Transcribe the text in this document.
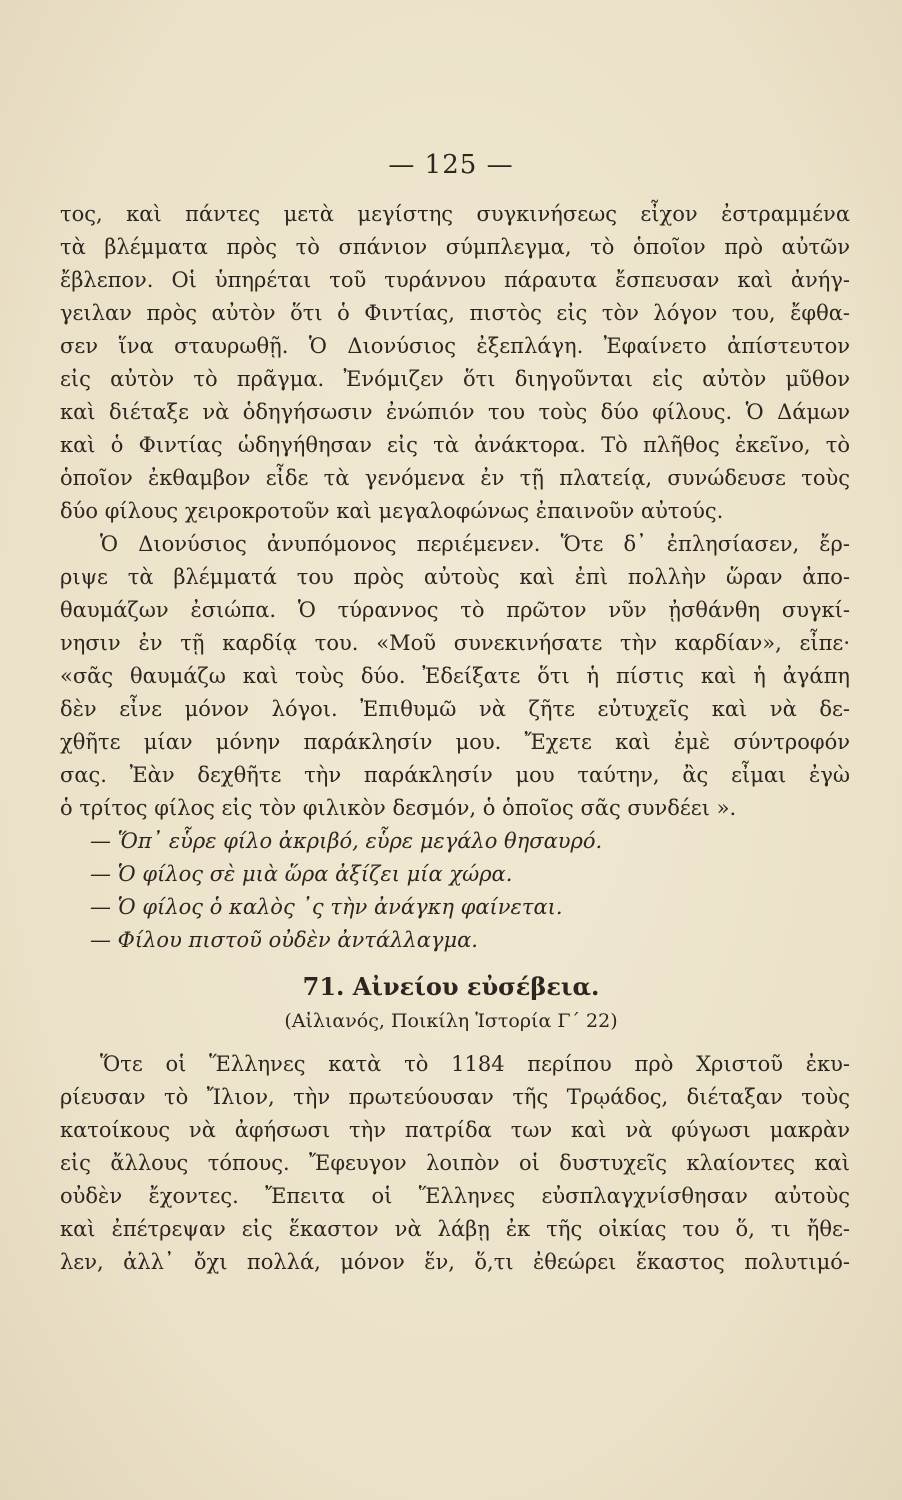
— 125 —
τος, καὶ πάντες μετὰ μεγίστης συγκινήσεως εἶχον ἐστραμμένα
τὰ βλέμματα πρὸς τὸ σπάνιον σύμπλεγμα, τὸ ὁποῖον πρὸ αὐτῶν
ἔβλεπον. Οἱ ὑπηρέται τοῦ τυράννου πάραυτα ἔσπευσαν καὶ ἀνήγ-
γειλαν πρὸς αὐτὸν ὅτι ὁ Φιντίας, πιστὸς εἰς τὸν λόγον του, ἔφθα-
σεν ἵνα σταυρωθῇ. Ὁ Διονύσιος ἐξεπλάγη. Ἐφαίνετο ἀπίστευτον
εἰς αὐτὸν τὸ πρᾶγμα. Ἐνόμιζεν ὅτι διηγοῦνται εἰς αὐτὸν μῦθον
καὶ διέταξε νὰ ὁδηγήσωσιν ἐνώπιόν του τοὺς δύο φίλους. Ὁ Δάμων
καὶ ὁ Φιντίας ὡδηγήθησαν εἰς τὰ ἀνάκτορα. Τὸ πλῆθος ἐκεῖνο, τὸ
ὁποῖον ἐκθαμβον εἶδε τὰ γενόμενα ἐν τῇ πλατείᾳ, συνώδευσε τοὺς
δύο φίλους χειροκροτοῦν καὶ μεγαλοφώνως ἐπαινοῦν αὐτούς.
Ὁ Διονύσιος ἀνυπόμονος περιέμενεν. Ὅτε δ᾽ ἐπλησίασεν, ἔρ-
ριψε τὰ βλέμματά του πρὸς αὐτοὺς καὶ ἐπὶ πολλὴν ὥραν ἀπο-
θαυμάζων ἐσιώπα. Ὁ τύραννος τὸ πρῶτον νῦν ᾐσθάνθη συγκί-
νησιν ἐν τῇ καρδίᾳ του. «Μοῦ συνεκινήσατε τὴν καρδίαν», εἶπε·
«σᾶς θαυμάζω καὶ τοὺς δύο. Ἐδείξατε ὅτι ἡ πίστις καὶ ἡ ἀγάπη
δὲν εἶνε μόνον λόγοι. Ἐπιθυμῶ νὰ ζῆτε εὐτυχεῖς καὶ νὰ δε-
χθῆτε μίαν μόνην παράκλησίν μου. Ἔχετε καὶ ἐμὲ σύντροφόν
σας. Ἐὰν δεχθῆτε τὴν παράκλησίν μου ταύτην, ἂς εἶμαι ἐγὼ
ὁ τρίτος φίλος εἰς τὸν φιλικὸν δεσμόν, ὁ ὁποῖος σᾶς συνδέει ».
— Ὅπ᾽ εὗρε φίλο ἀκριβό, εὗρε μεγάλο θησαυρό.
— Ὁ φίλος σὲ μιὰ ὥρα ἀξίζει μία χώρα.
— Ὁ φίλος ὁ καλὸς ᾽ς τὴν ἀνάγκη φαίνεται.
— Φίλου πιστοῦ οὐδὲν ἀντάλλαγμα.
71. Αἰνείου εὐσέβεια.
(Αἰλιανός, Ποικίλη Ἱστορία Γ´ 22)
Ὅτε οἱ Ἕλληνες κατὰ τὸ 1184 περίπου πρὸ Χριστοῦ ἐκυ-
ρίευσαν τὸ Ἴλιον, τὴν πρωτεύουσαν τῆς Τρῳάδος, διέταξαν τοὺς
κατοίκους νὰ ἀφήσωσι τὴν πατρίδα των καὶ νὰ φύγωσι μακρὰν
εἰς ἄλλους τόπους. Ἔφευγον λοιπὸν οἱ δυστυχεῖς κλαίοντες καὶ
οὐδὲν ἔχοντες. Ἔπειτα οἱ Ἕλληνες εὐσπλαγχνίσθησαν αὐτοὺς
καὶ ἐπέτρεψαν εἰς ἕκαστον νὰ λάβῃ ἐκ τῆς οἰκίας του ὅ, τι ἤθε-
λεν, ἀλλ᾽ ὄχι πολλά, μόνον ἕν, ὅ,τι ἐθεώρει ἕκαστος πολυτιμό-
